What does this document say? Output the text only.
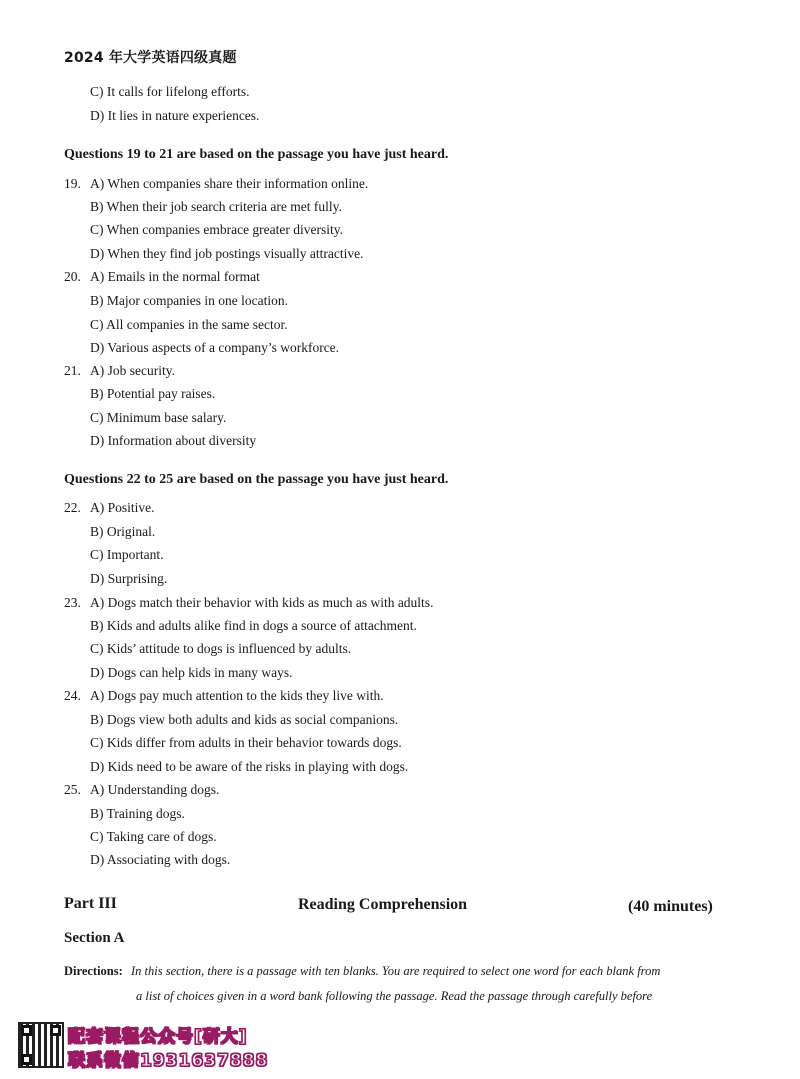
2024 年大学英语四级真题
C) It calls for lifelong efforts.
D) It lies in nature experiences.
Questions 19 to 21 are based on the passage you have just heard.
19. A) When companies share their information online.
B) When their job search criteria are met fully.
C) When companies embrace greater diversity.
D) When they find job postings visually attractive.
20. A) Emails in the normal format
B) Major companies in one location.
C) All companies in the same sector.
D) Various aspects of a company’s workforce.
21. A) Job security.
B) Potential pay raises.
C) Minimum base salary.
D) Information about diversity
Questions 22 to 25 are based on the passage you have just heard.
22. A) Positive.
B) Original.
C) Important.
D) Surprising.
23. A) Dogs match their behavior with kids as much as with adults.
B) Kids and adults alike find in dogs a source of attachment.
C) Kids’ attitude to dogs is influenced by adults.
D) Dogs can help kids in many ways.
24. A) Dogs pay much attention to the kids they live with.
B) Dogs view both adults and kids as social companions.
C) Kids differ from adults in their behavior towards dogs.
D) Kids need to be aware of the risks in playing with dogs.
25. A) Understanding dogs.
B) Training dogs.
C) Taking care of dogs.
D) Associating with dogs.
Part III	Reading Comprehension	(40 minutes)
Section A
Directions: In this section, there is a passage with ten blanks. You are required to select one word for each blank from
a list of choices given in a word bank following the passage. Read the passage through carefully before
配套课程公众号[研大]
联系微信1931637888
